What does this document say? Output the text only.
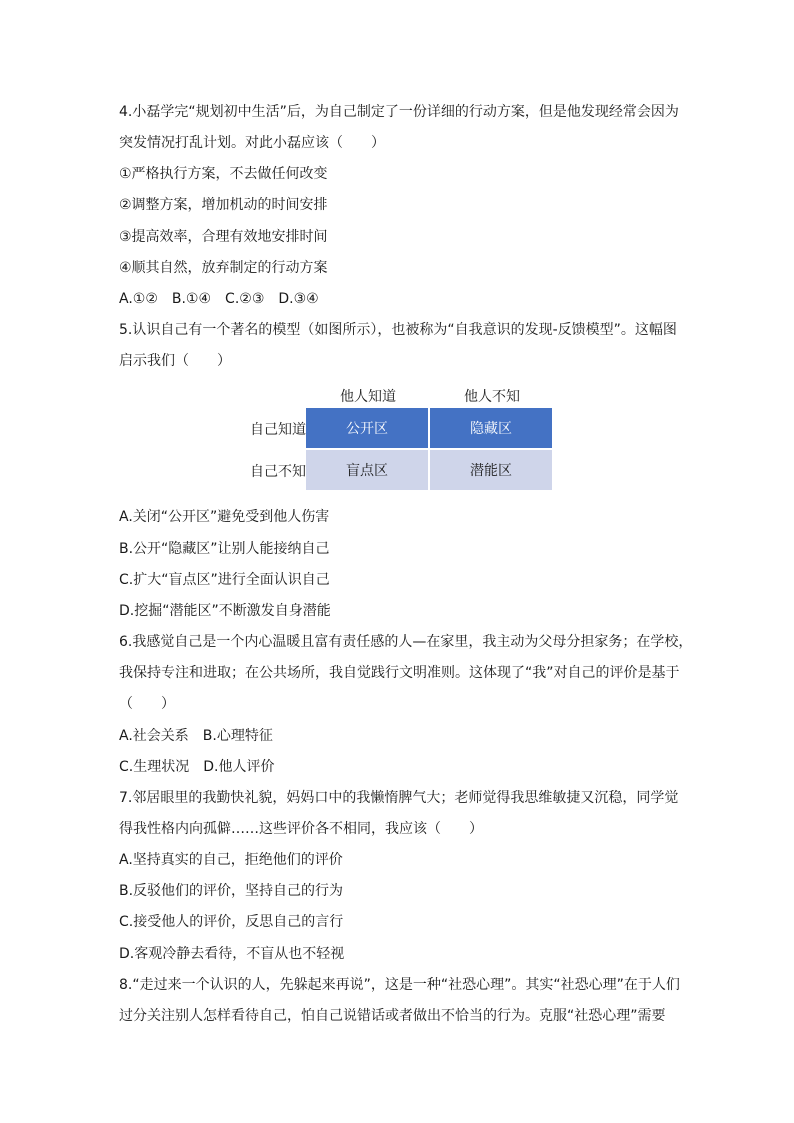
4.小磊学完“规划初中生活”后，为自己制定了一份详细的行动方案，但是他发现经常会因为
突发情况打乱计划。对此小磊应该（　　）
①严格执行方案，不去做任何改变
②调整方案，增加机动的时间安排
③提高效率，合理有效地安排时间
④顺其自然，放弃制定的行动方案
A.①②　B.①④　C.②③　D.③④
5.认识自己有一个著名的模型（如图所示），也被称为“自我意识的发现-反馈模型”。这幅图
启示我们（　　）
	他人知道	他人不知
自己知道	公开区	隐藏区
自己不知	盲点区	潜能区
A.关闭“公开区”避免受到他人伤害
B.公开“隐藏区”让别人能接纳自己
C.扩大“盲点区”进行全面认识自己
D.挖掘“潜能区”不断激发自身潜能
6.我感觉自己是一个内心温暖且富有责任感的人—在家里，我主动为父母分担家务；在学校，
我保持专注和进取；在公共场所，我自觉践行文明准则。这体现了“我”对自己的评价是基于
（　　）
A.社会关系　B.心理特征
C.生理状况　D.他人评价
7.邻居眼里的我勤快礼貌，妈妈口中的我懒惰脾气大；老师觉得我思维敏捷又沉稳，同学觉
得我性格内向孤僻……这些评价各不相同，我应该（　　）
A.坚持真实的自己，拒绝他们的评价
B.反驳他们的评价，坚持自己的行为
C.接受他人的评价，反思自己的言行
D.客观冷静去看待，不盲从也不轻视
8.“走过来一个认识的人，先躲起来再说”，这是一种“社恐心理”。其实“社恐心理”在于人们
过分关注别人怎样看待自己，怕自己说错话或者做出不恰当的行为。克服“社恐心理”需要
